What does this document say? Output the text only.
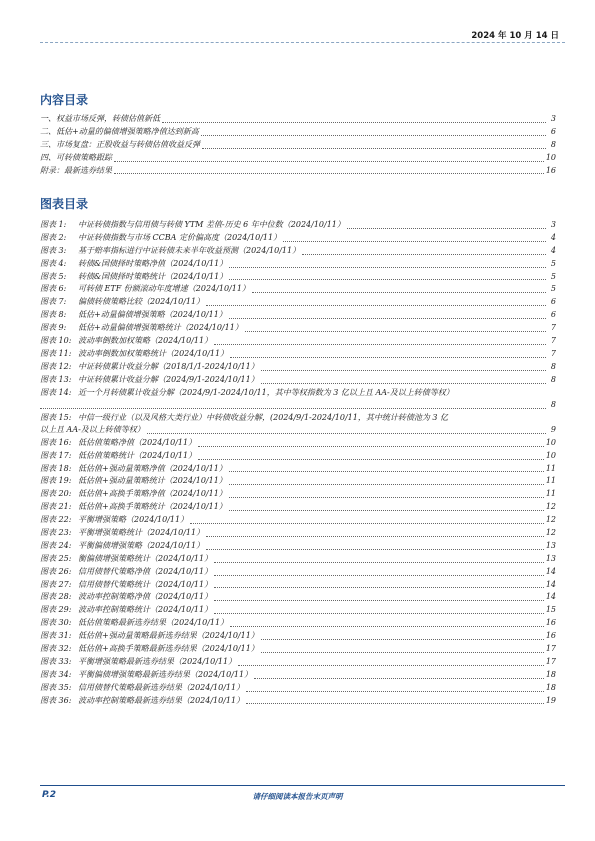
2024 年 10 月 14 日
内容目录
一、权益市场反弹，转债估值新低	3
二、低估+动量的偏债增强策略净值达到新高	6
三、市场复盘：正股收益与转债估值收益反弹	8
四、可转债策略跟踪	10
附录：最新选券结果	16
图表目录
图表 1: 中证转债指数与信用债与转债 YTM 差值-历史 6 年中位数（2024/10/11）	3
图表 2: 中证转债指数与市场 CCBA 定价偏高度（2024/10/11）	4
图表 3: 基于赔率指标进行中证转债未来半年收益预测（2024/10/11）	4
图表 4: 转债&国债择时策略净值（2024/10/11）	5
图表 5: 转债&国债择时策略统计（2024/10/11）	5
图表 6: 可转债 ETF 份额滚动年度增速（2024/10/11）	5
图表 7: 偏债转债策略比较（2024/10/11）	6
图表 8: 低估+动量偏债增强策略（2024/10/11）	6
图表 9: 低估+动量偏债增强策略统计（2024/10/11）	7
图表 10: 波动率倒数加权策略（2024/10/11）	7
图表 11: 波动率倒数加权策略统计（2024/10/11）	7
图表 12: 中证转债累计收益分解（2018/1/1-2024/10/11）	8
图表 13: 中证转债累计收益分解（2024/9/1-2024/10/11）	8
图表 14: 近一个月转债累计收益分解（2024/9/1-2024/10/11，其中等权指数为 3 亿以上且 AA-及以上转债等权）
8
图表 15: 中信一级行业（以及风格大类行业）中转债收益分解，(2024/9/1-2024/10/11，其中统计转债池为 3 亿
以上且 AA-及以上转债等权）	9
图表 16: 低估值策略净值（2024/10/11）	10
图表 17: 低估值策略统计（2024/10/11）	10
图表 18: 低估值+强动量策略净值（2024/10/11）	11
图表 19: 低估值+强动量策略统计（2024/10/11）	11
图表 20: 低估值+高换手策略净值（2024/10/11）	11
图表 21: 低估值+高换手策略统计（2024/10/11）	12
图表 22: 平衡增强策略（2024/10/11）	12
图表 23: 平衡增强策略统计（2024/10/11）	12
图表 24: 平衡偏债增强策略（2024/10/11）	13
图表 25: 衡偏债增强策略统计（2024/10/11）	13
图表 26: 信用债替代策略净值（2024/10/11）	14
图表 27: 信用债替代策略统计（2024/10/11）	14
图表 28: 波动率控制策略净值（2024/10/11）	14
图表 29: 波动率控制策略统计（2024/10/11）	15
图表 30: 低估值策略最新选券结果（2024/10/11）	16
图表 31: 低估值+强动量策略最新选券结果（2024/10/11）	16
图表 32: 低估值+高换手策略最新选券结果（2024/10/11）	17
图表 33: 平衡增强策略最新选券结果（2024/10/11）	17
图表 34: 平衡偏债增强策略最新选券结果（2024/10/11）	18
图表 35: 信用债替代策略最新选券结果（2024/10/11）	18
图表 36: 波动率控制策略最新选券结果（2024/10/11）	19
P.2	请仔细阅读本报告末页声明
